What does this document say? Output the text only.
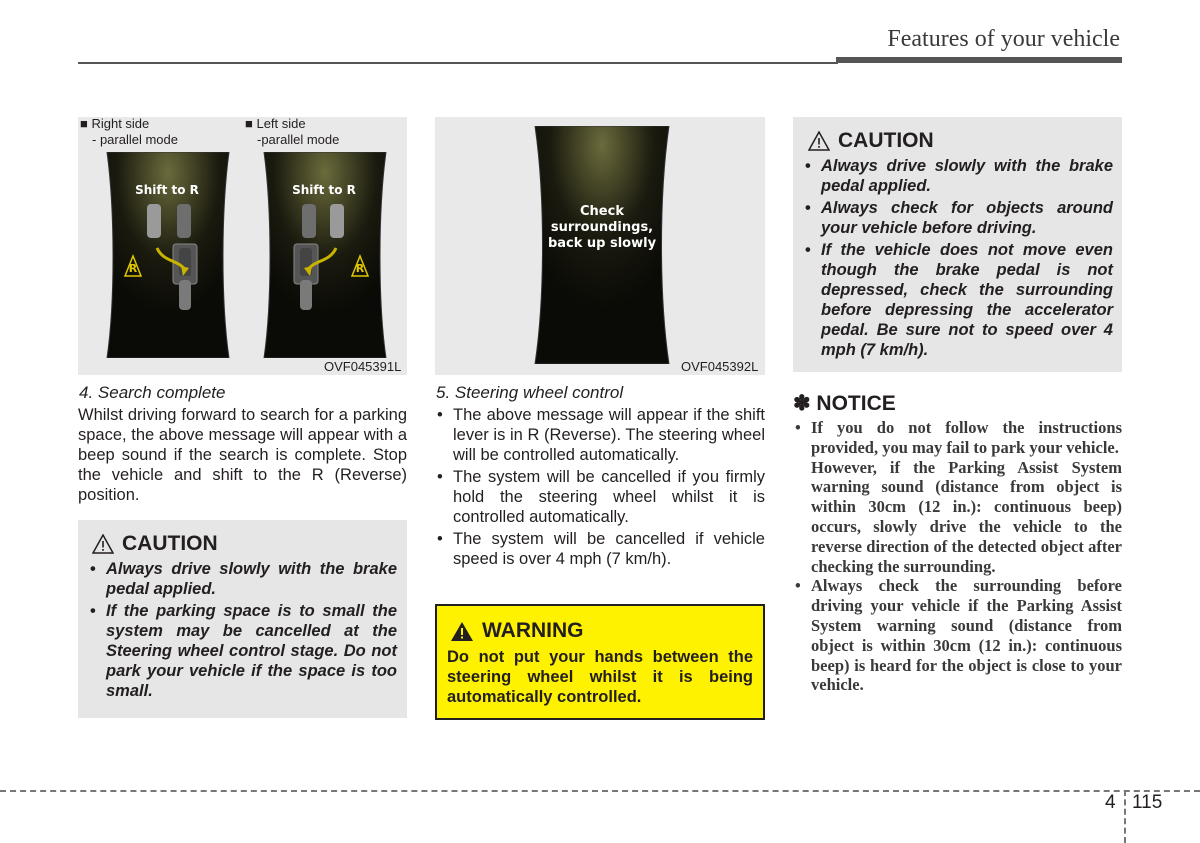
Features of your vehicle
■ Right side
- parallel mode
■ Left side
-parallel mode
Shift to R
R
Shift to R
R
OVF045391L
4. Search complete
Whilst driving forward to search for a parking space, the above message will appear with a beep sound if the search is complete. Stop the vehicle and shift to the R (Reverse) position.
CAUTION
• Always drive slowly with the brake pedal applied.
• If the parking space is to small the system may be cancelled at the Steering wheel control stage. Do not park your vehicle if the space is too small.
Check
surroundings,
back up slowly
OVF045392L
5. Steering wheel control
• The above message will appear if the shift lever is in R (Reverse). The steering wheel will be controlled automatically.
• The system will be cancelled if you firmly hold the steering wheel whilst it is controlled automatically.
• The system will be cancelled if vehicle speed is over 4 mph (7 km/h).
WARNING
Do not put your hands between the steering wheel whilst it is being automatically controlled.
CAUTION
• Always drive slowly with the brake pedal applied.
• Always check for objects around your vehicle before driving.
• If the vehicle does not move even though the brake pedal is not depressed, check the surrounding before depressing the accelerator pedal. Be sure not to speed over 4 mph (7 km/h).
✽ NOTICE
• If you do not follow the instructions provided, you may fail to park your vehicle.
However, if the Parking Assist System warning sound (distance from object is within 30cm (12 in.): continuous beep) occurs, slowly drive the vehicle to the reverse direction of the detected object after checking the surrounding.
• Always check the surrounding before driving your vehicle if the Parking Assist System warning sound (distance from object is within 30cm (12 in.): continuous beep) is heard for the object is close to your vehicle.
4 115
